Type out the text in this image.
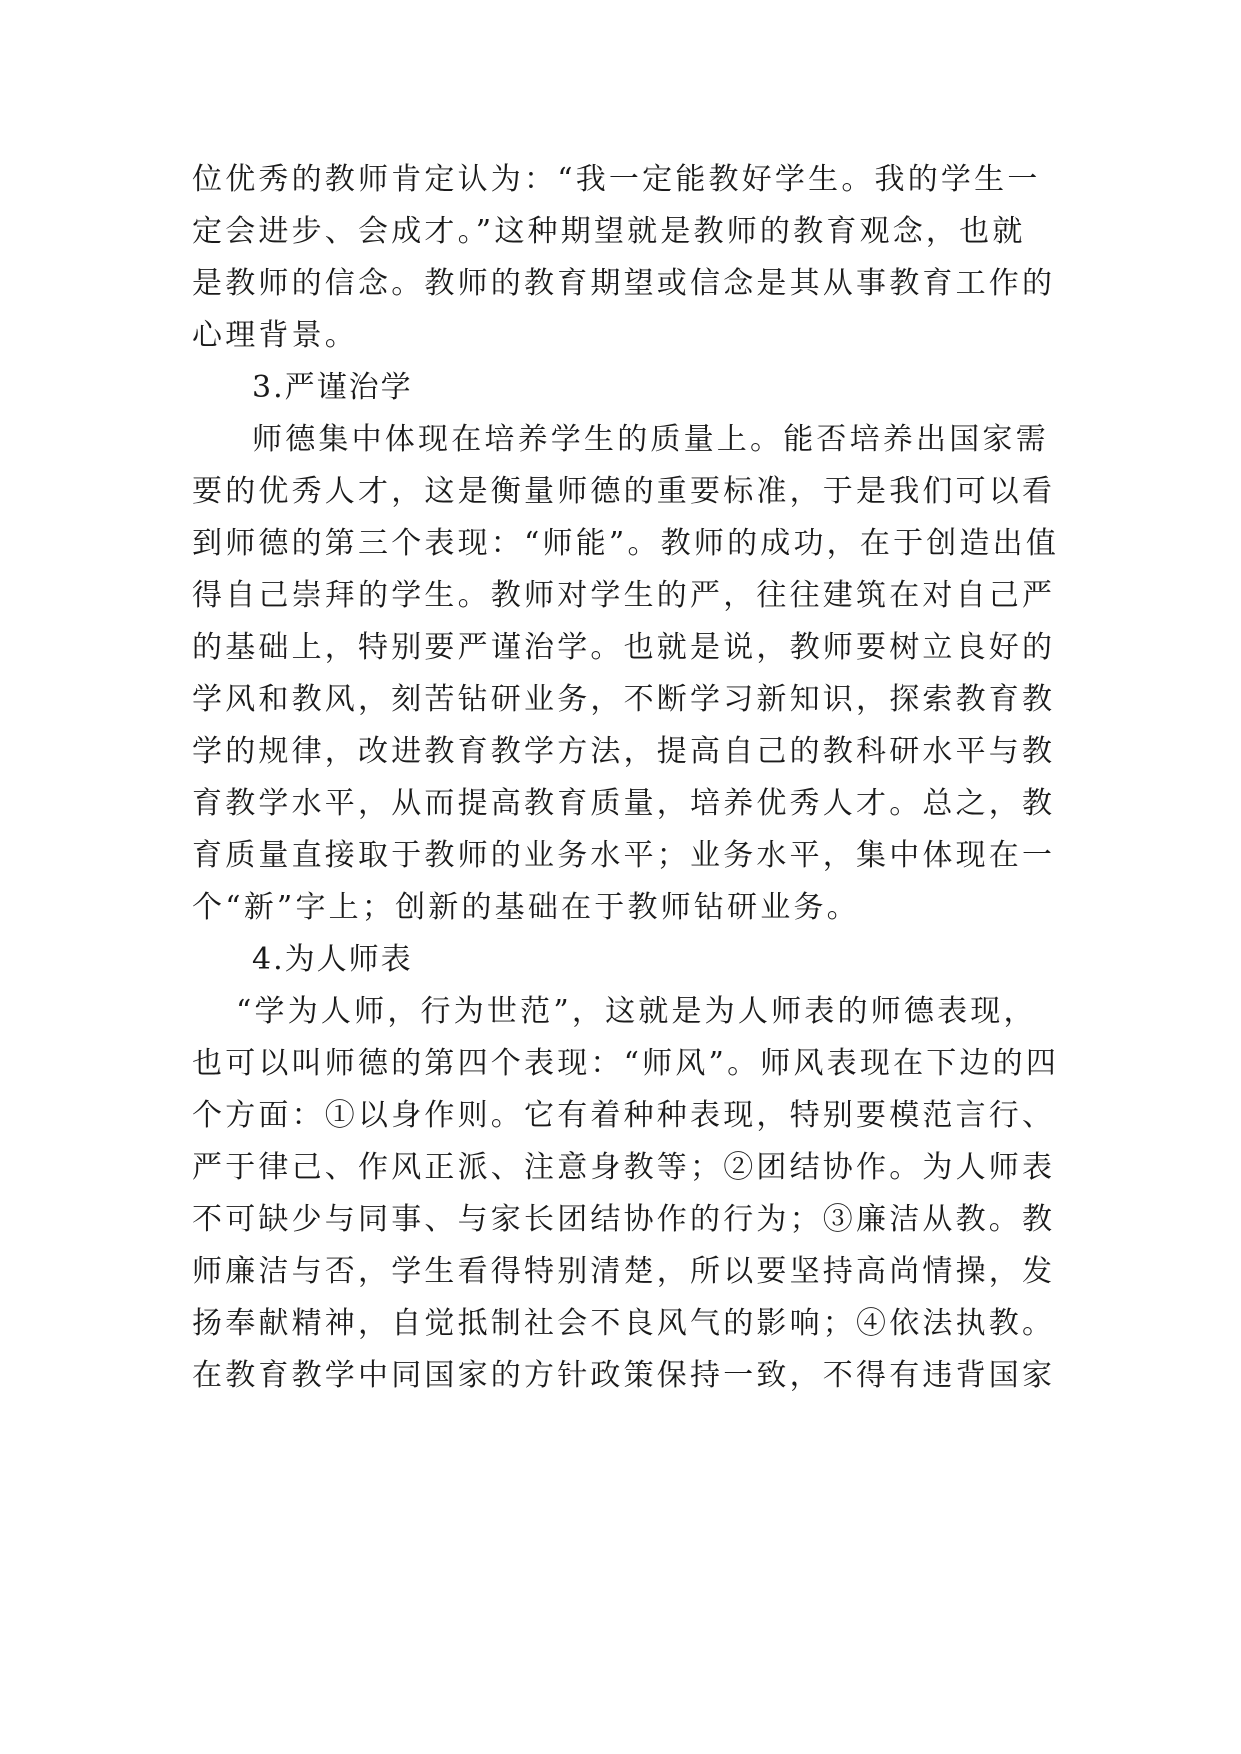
位优秀的教师肯定认为：“我一定能教好学生。我的学生一
定会进步、会成才。”这种期望就是教师的教育观念，也就
是教师的信念。教师的教育期望或信念是其从事教育工作的
心理背景。
3.严谨治学
师德集中体现在培养学生的质量上。能否培养出国家需
要的优秀人才，这是衡量师德的重要标准，于是我们可以看
到师德的第三个表现：“师能”。教师的成功，在于创造出值
得自己崇拜的学生。教师对学生的严，往往建筑在对自己严
的基础上，特别要严谨治学。也就是说，教师要树立良好的
学风和教风，刻苦钻研业务，不断学习新知识，探索教育教
学的规律，改进教育教学方法，提高自己的教科研水平与教
育教学水平，从而提高教育质量，培养优秀人才。总之，教
育质量直接取于教师的业务水平；业务水平，集中体现在一
个“新”字上；创新的基础在于教师钻研业务。
4.为人师表
“学为人师，行为世范”，这就是为人师表的师德表现，
也可以叫师德的第四个表现：“师风”。师风表现在下边的四
个方面：①以身作则。它有着种种表现，特别要模范言行、
严于律己、作风正派、注意身教等；②团结协作。为人师表
不可缺少与同事、与家长团结协作的行为；③廉洁从教。教
师廉洁与否，学生看得特别清楚，所以要坚持高尚情操，发
扬奉献精神，自觉抵制社会不良风气的影响；④依法执教。
在教育教学中同国家的方针政策保持一致，不得有违背国家
